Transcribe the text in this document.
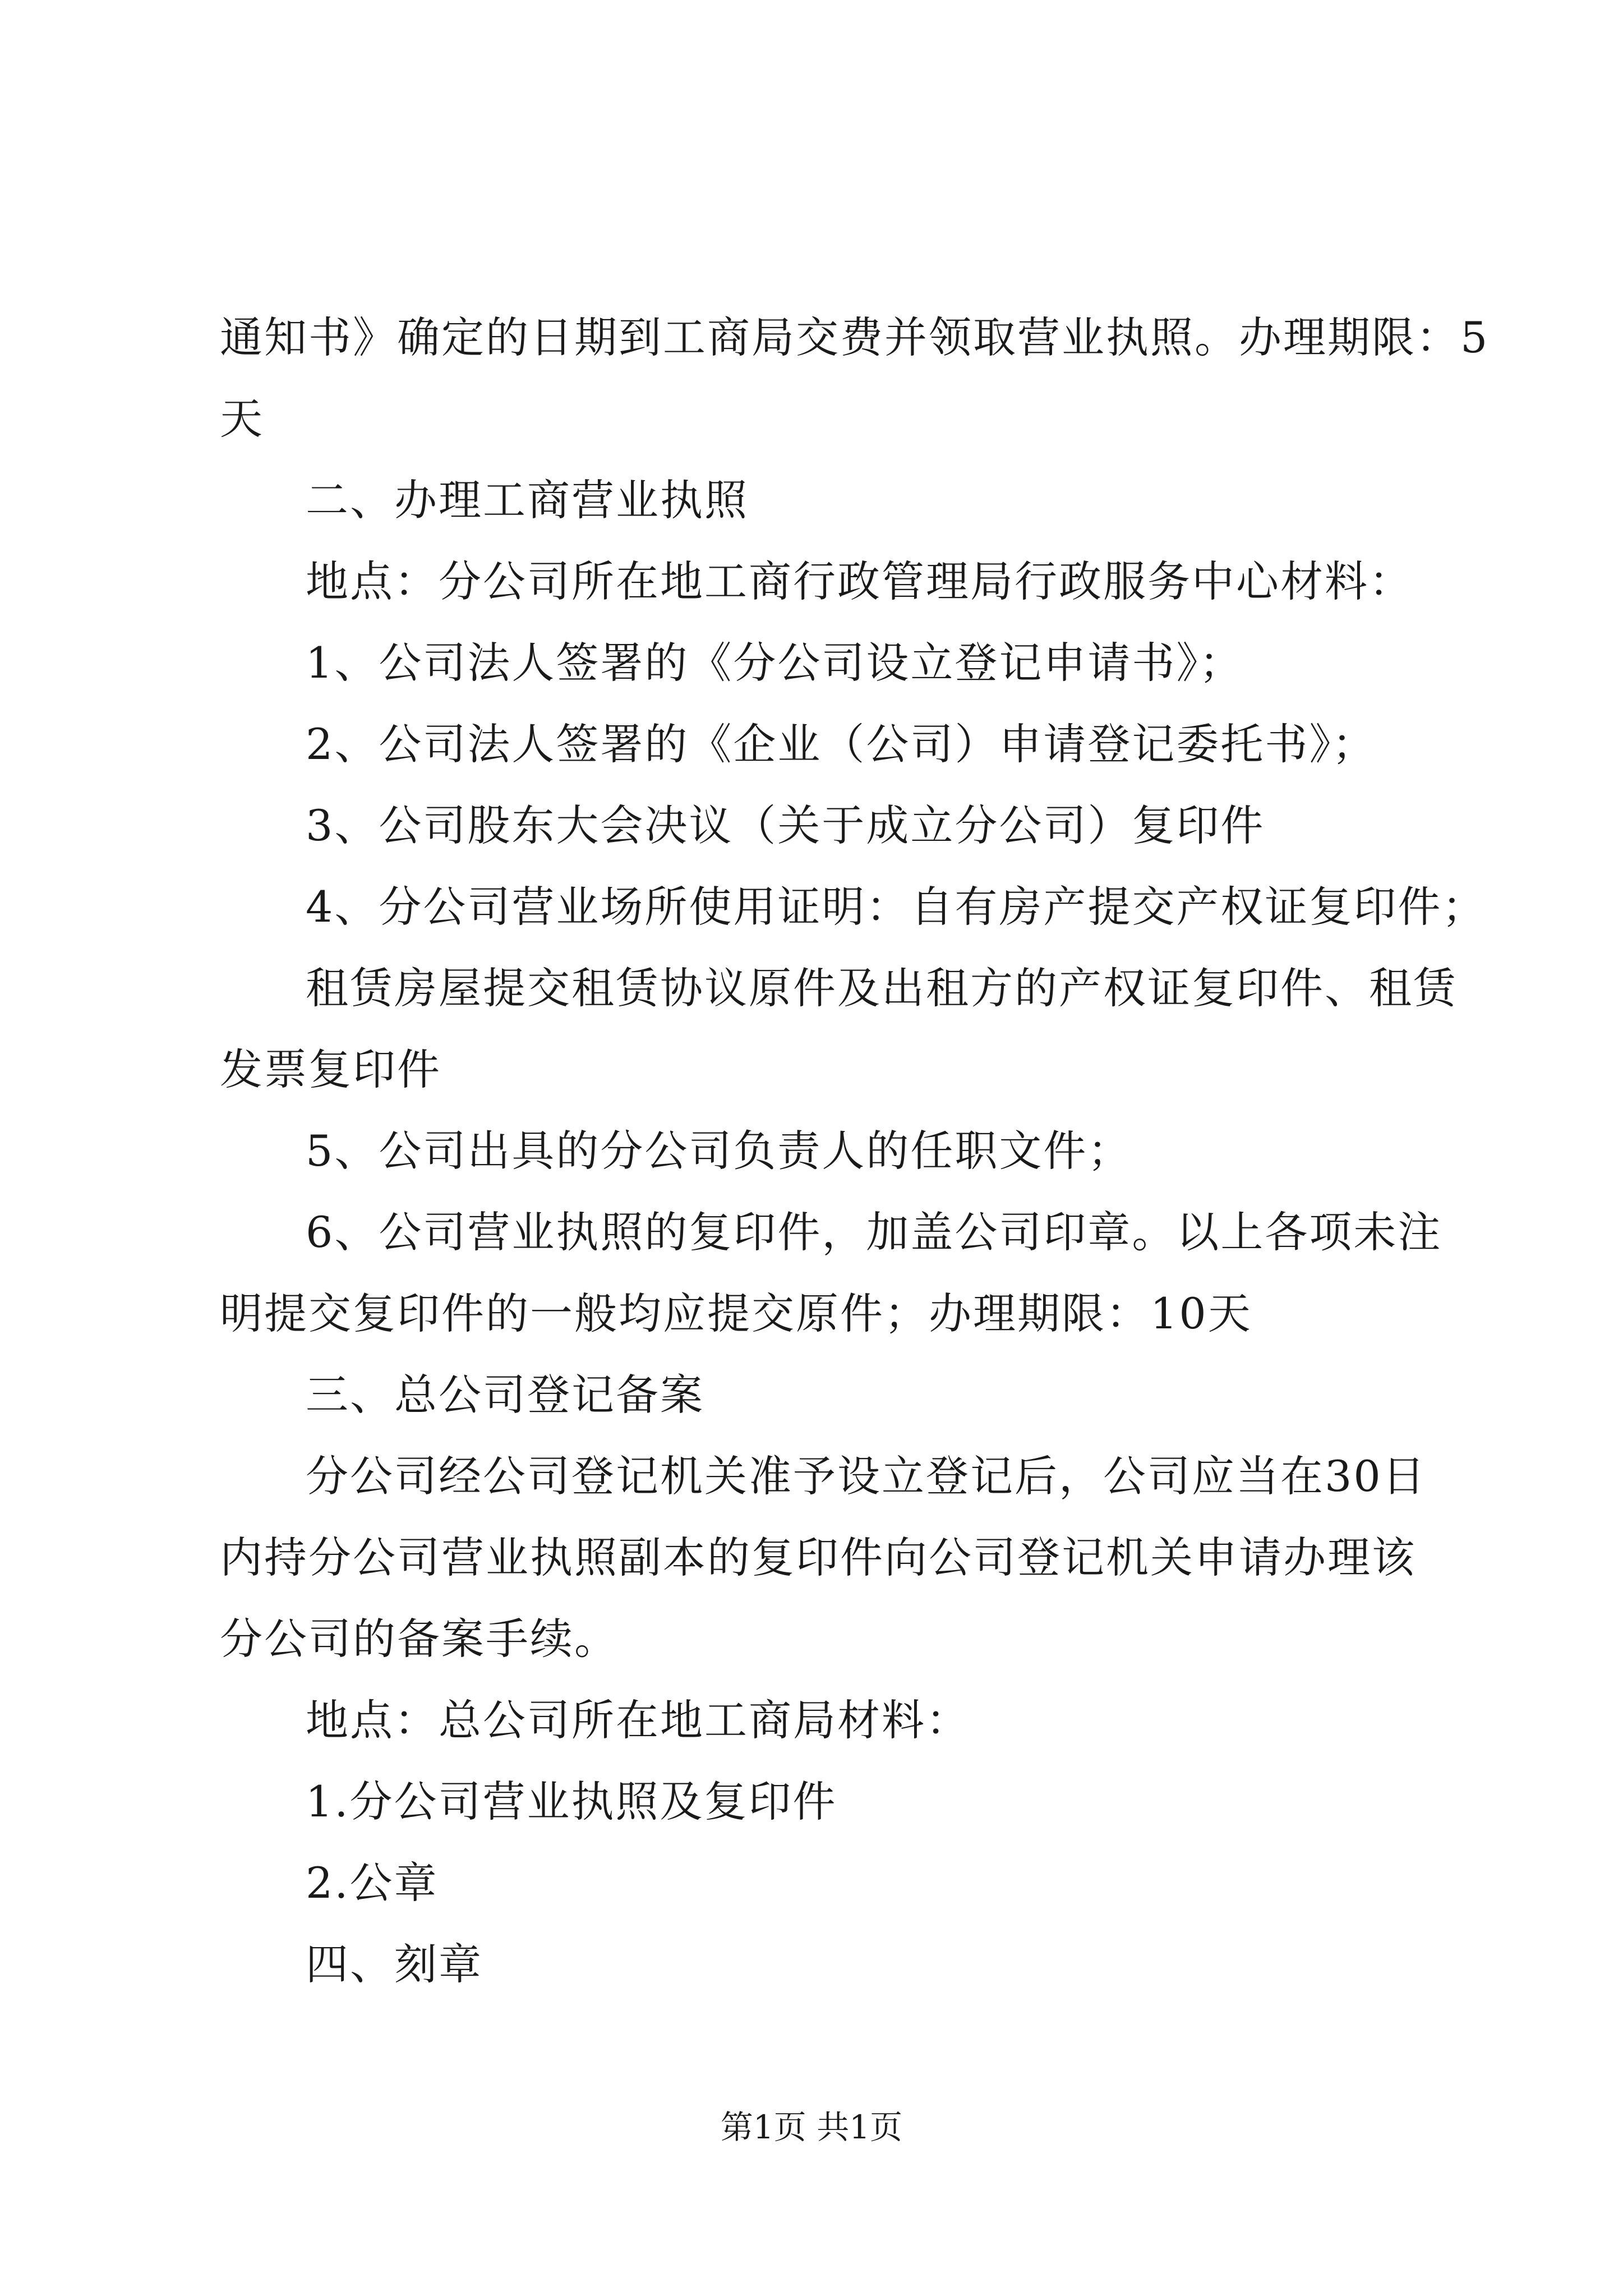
通知书》确定的日期到工商局交费并领取营业执照。办理期限：5
天
二、办理工商营业执照
地点：分公司所在地工商行政管理局行政服务中心材料：
1、公司法人签署的《分公司设立登记申请书》；
2、公司法人签署的《企业（公司）申请登记委托书》；
3、公司股东大会决议（关于成立分公司）复印件
4、分公司营业场所使用证明：自有房产提交产权证复印件；
租赁房屋提交租赁协议原件及出租方的产权证复印件、租赁
发票复印件
5、公司出具的分公司负责人的任职文件；
6、公司营业执照的复印件，加盖公司印章。以上各项未注
明提交复印件的一般均应提交原件；办理期限：10天
三、总公司登记备案
分公司经公司登记机关准予设立登记后，公司应当在30日
内持分公司营业执照副本的复印件向公司登记机关申请办理该
分公司的备案手续。
地点：总公司所在地工商局材料：
1.分公司营业执照及复印件
2.公章
四、刻章
第1页 共1页
